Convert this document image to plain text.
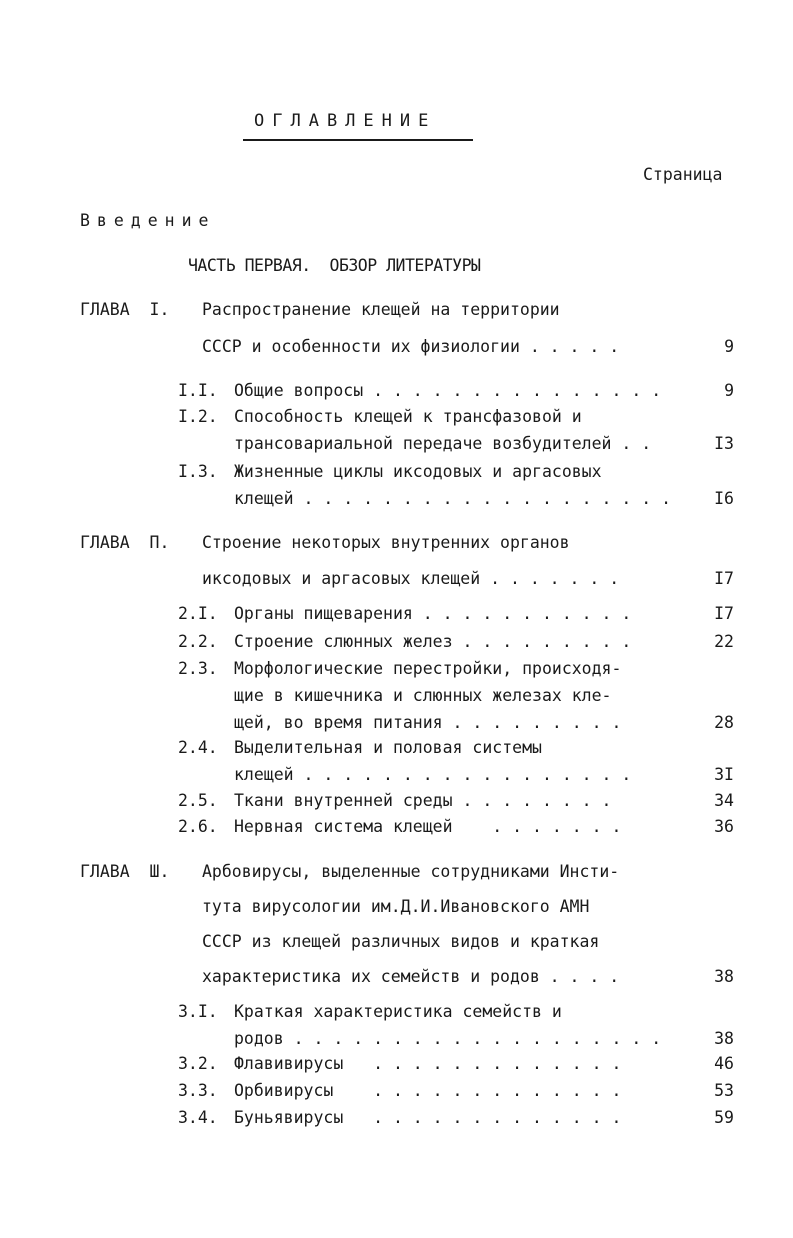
ОГЛАВЛЕНИЕ
Страница
Введение
ЧАСТЬ ПЕРВАЯ.  ОБЗОР ЛИТЕРАТУРЫ
ГЛАВА  I. Распространение клещей на территории
СССР и особенности их физиологии . . . . .	9
I.I. Общие вопросы . . . . . . . . . . . . . . .	9
I.2. Способность клещей к трансфазовой и
трансовариальной передаче возбудителей . .	I3
I.3. Жизненные циклы иксодовых и аргасовых
клещей . . . . . . . . . . . . . . . . . . .	I6
ГЛАВА  П. Строение некоторых внутренних органов
иксодовых и аргасовых клещей . . . . . . .	I7
2.I. Органы пищеварения . . . . . . . . . . .	I7
2.2. Строение слюнных желез . . . . . . . . .	22
2.3. Морфологические перестройки, происходя-
щие в кишечника и слюнных железах кле-
щей, во время питания . . . . . . . . .	28
2.4. Выделительная и половая системы
клещей . . . . . . . . . . . . . . . . .	3I
2.5. Ткани внутренней среды . . . . . . . .	34
2.6. Нервная система клещей    . . . . . . .	36
ГЛАВА  Ш. Арбовирусы, выделенные сотрудниками Инсти-
тута вирусологии им.Д.И.Ивановского АМН
СССР из клещей различных видов и краткая
характеристика их семейств и родов . . . .	38
3.I. Краткая характеристика семейств и
родов . . . . . . . . . . . . . . . . . . .	38
3.2. Флавивирусы   . . . . . . . . . . . . .	46
3.3. Орбивирусы    . . . . . . . . . . . . .	53
3.4. Буньявирусы   . . . . . . . . . . . . .	59
